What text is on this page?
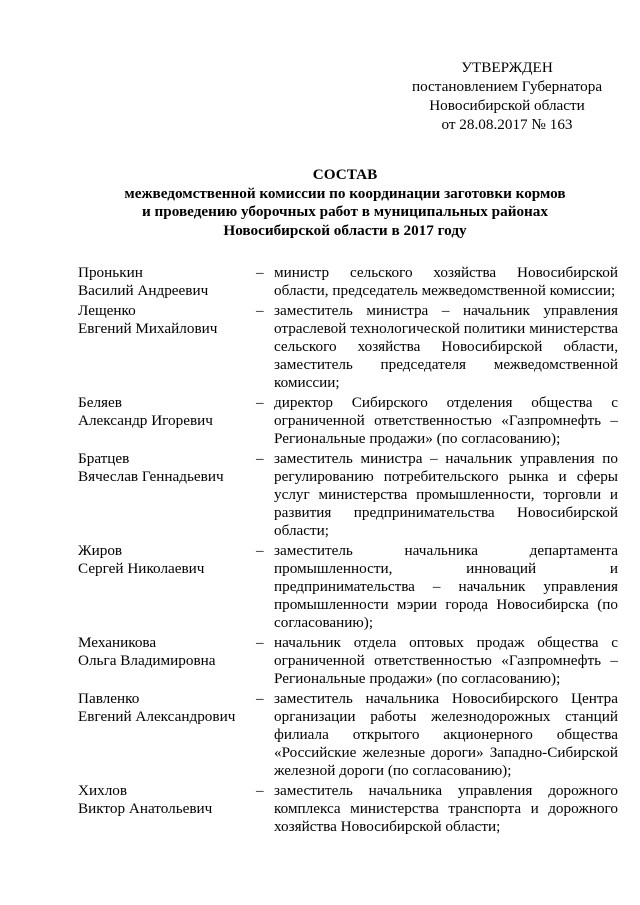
УТВЕРЖДЕН
постановлением Губернатора
Новосибирской области
от 28.08.2017 № 163
СОСТАВ
межведомственной комиссии по координации заготовки кормов
и проведению уборочных работ в муниципальных районах
Новосибирской области в 2017 году
Пронькин
Василий Андреевич
– министр сельского хозяйства Новосибирской области, председатель межведомственной комиссии;
Лещенко
Евгений Михайлович
– заместитель министра – начальник управления отраслевой технологической политики министерства сельского хозяйства Новосибирской области, заместитель председателя межведомственной комиссии;
Беляев
Александр Игоревич
– директор Сибирского отделения общества с ограниченной ответственностью «Газпромнефть – Региональные продажи» (по согласованию);
Братцев
Вячеслав Геннадьевич
– заместитель министра – начальник управления по регулированию потребительского рынка и сферы услуг министерства промышленности, торговли и развития предпринимательства Новосибирской области;
Жиров
Сергей Николаевич
– заместитель начальника департамента промышленности, инноваций и предпринимательства – начальник управления промышленности мэрии города Новосибирска (по согласованию);
Механикова
Ольга Владимировна
– начальник отдела оптовых продаж общества с ограниченной ответственностью «Газпромнефть – Региональные продажи» (по согласованию);
Павленко
Евгений Александрович
– заместитель начальника Новосибирского Центра организации работы железнодорожных станций филиала открытого акционерного общества «Российские железные дороги» Западно-Сибирской железной дороги (по согласованию);
Хихлов
Виктор Анатольевич
– заместитель начальника управления дорожного комплекса министерства транспорта и дорожного хозяйства Новосибирской области;
